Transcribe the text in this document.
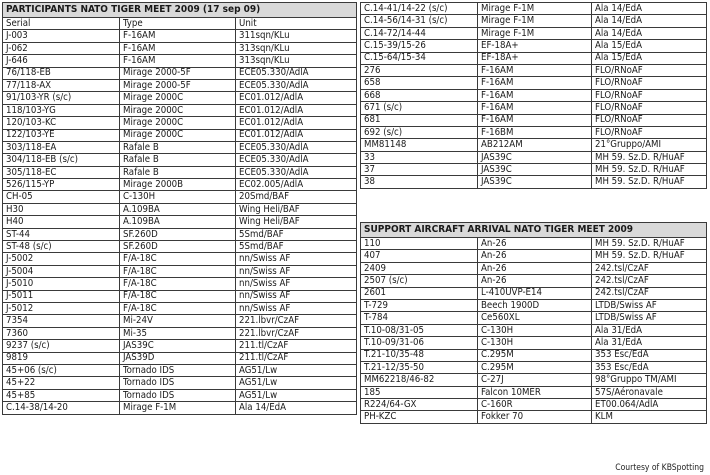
PARTICIPANTS NATO TIGER MEET 2009 (17 sep 09)		
Serial	Type	Unit
J-003	F-16AM	311sqn/KLu
J-062	F-16AM	313sqn/KLu
J-646	F-16AM	313sqn/KLu
76/118-EB	Mirage 2000-5F	ECE05.330/AdlA
77/118-AX	Mirage 2000-5F	ECE05.330/AdlA
91/103-YR (s/c)	Mirage 2000C	EC01.012/AdlA
118/103-YG	Mirage 2000C	EC01.012/AdlA
120/103-KC	Mirage 2000C	EC01.012/AdlA
122/103-YE	Mirage 2000C	EC01.012/AdlA
303/118-EA	Rafale B	ECE05.330/AdlA
304/118-EB (s/c)	Rafale B	ECE05.330/AdlA
305/118-EC	Rafale B	ECE05.330/AdlA
526/115-YP	Mirage 2000B	EC02.005/AdlA
CH-05	C-130H	20Smd/BAF
H30	A.109BA	Wing Heli/BAF
H40	A.109BA	Wing Heli/BAF
ST-44	SF.260D	5Smd/BAF
ST-48 (s/c)	SF.260D	5Smd/BAF
J-5002	F/A-18C	nn/Swiss AF
J-5004	F/A-18C	nn/Swiss AF
J-5010	F/A-18C	nn/Swiss AF
J-5011	F/A-18C	nn/Swiss AF
J-5012	F/A-18C	nn/Swiss AF
7354	Mi-24V	221.lbvr/CzAF
7360	Mi-35	221.lbvr/CzAF
9237 (s/c)	JAS39C	211.tl/CzAF
9819	JAS39D	211.tl/CzAF
45+06 (s/c)	Tornado IDS	AG51/Lw
45+22	Tornado IDS	AG51/Lw
45+85	Tornado IDS	AG51/Lw
C.14-38/14-20	Mirage F-1M	Ala 14/EdA
C.14-41/14-22 (s/c)	Mirage F-1M	Ala 14/EdA
C.14-56/14-31 (s/c)	Mirage F-1M	Ala 14/EdA
C.14-72/14-44	Mirage F-1M	Ala 14/EdA
C.15-39/15-26	EF-18A+	Ala 15/EdA
C.15-64/15-34	EF-18A+	Ala 15/EdA
276	F-16AM	FLO/RNoAF
658	F-16AM	FLO/RNoAF
668	F-16AM	FLO/RNoAF
671 (s/c)	F-16AM	FLO/RNoAF
681	F-16AM	FLO/RNoAF
692 (s/c)	F-16BM	FLO/RNoAF
MM81148	AB212AM	21°Gruppo/AMI
33	JAS39C	MH 59. Sz.D. R/HuAF
37	JAS39C	MH 59. Sz.D. R/HuAF
38	JAS39C	MH 59. Sz.D. R/HuAF
SUPPORT AIRCRAFT ARRIVAL NATO TIGER MEET 2009		
110	An-26	MH 59. Sz.D. R/HuAF
407	An-26	MH 59. Sz.D. R/HuAF
2409	An-26	242.tsl/CzAF
2507 (s/c)	An-26	242.tsl/CzAF
2601	L-410UVP-E14	242.tsl/CzAF
T-729	Beech 1900D	LTDB/Swiss AF
T-784	Ce560XL	LTDB/Swiss AF
T.10-08/31-05	C-130H	Ala 31/EdA
T.10-09/31-06	C-130H	Ala 31/EdA
T.21-10/35-48	C.295M	353 Esc/EdA
T.21-12/35-50	C.295M	353 Esc/EdA
MM62218/46-82	C-27J	98°Gruppo TM/AMI
185	Falcon 10MER	57S/Aéronavale
R224/64-GX	C-160R	ET00.064/AdlA
PH-KZC	Fokker 70	KLM
Courtesy of KBSpotting
